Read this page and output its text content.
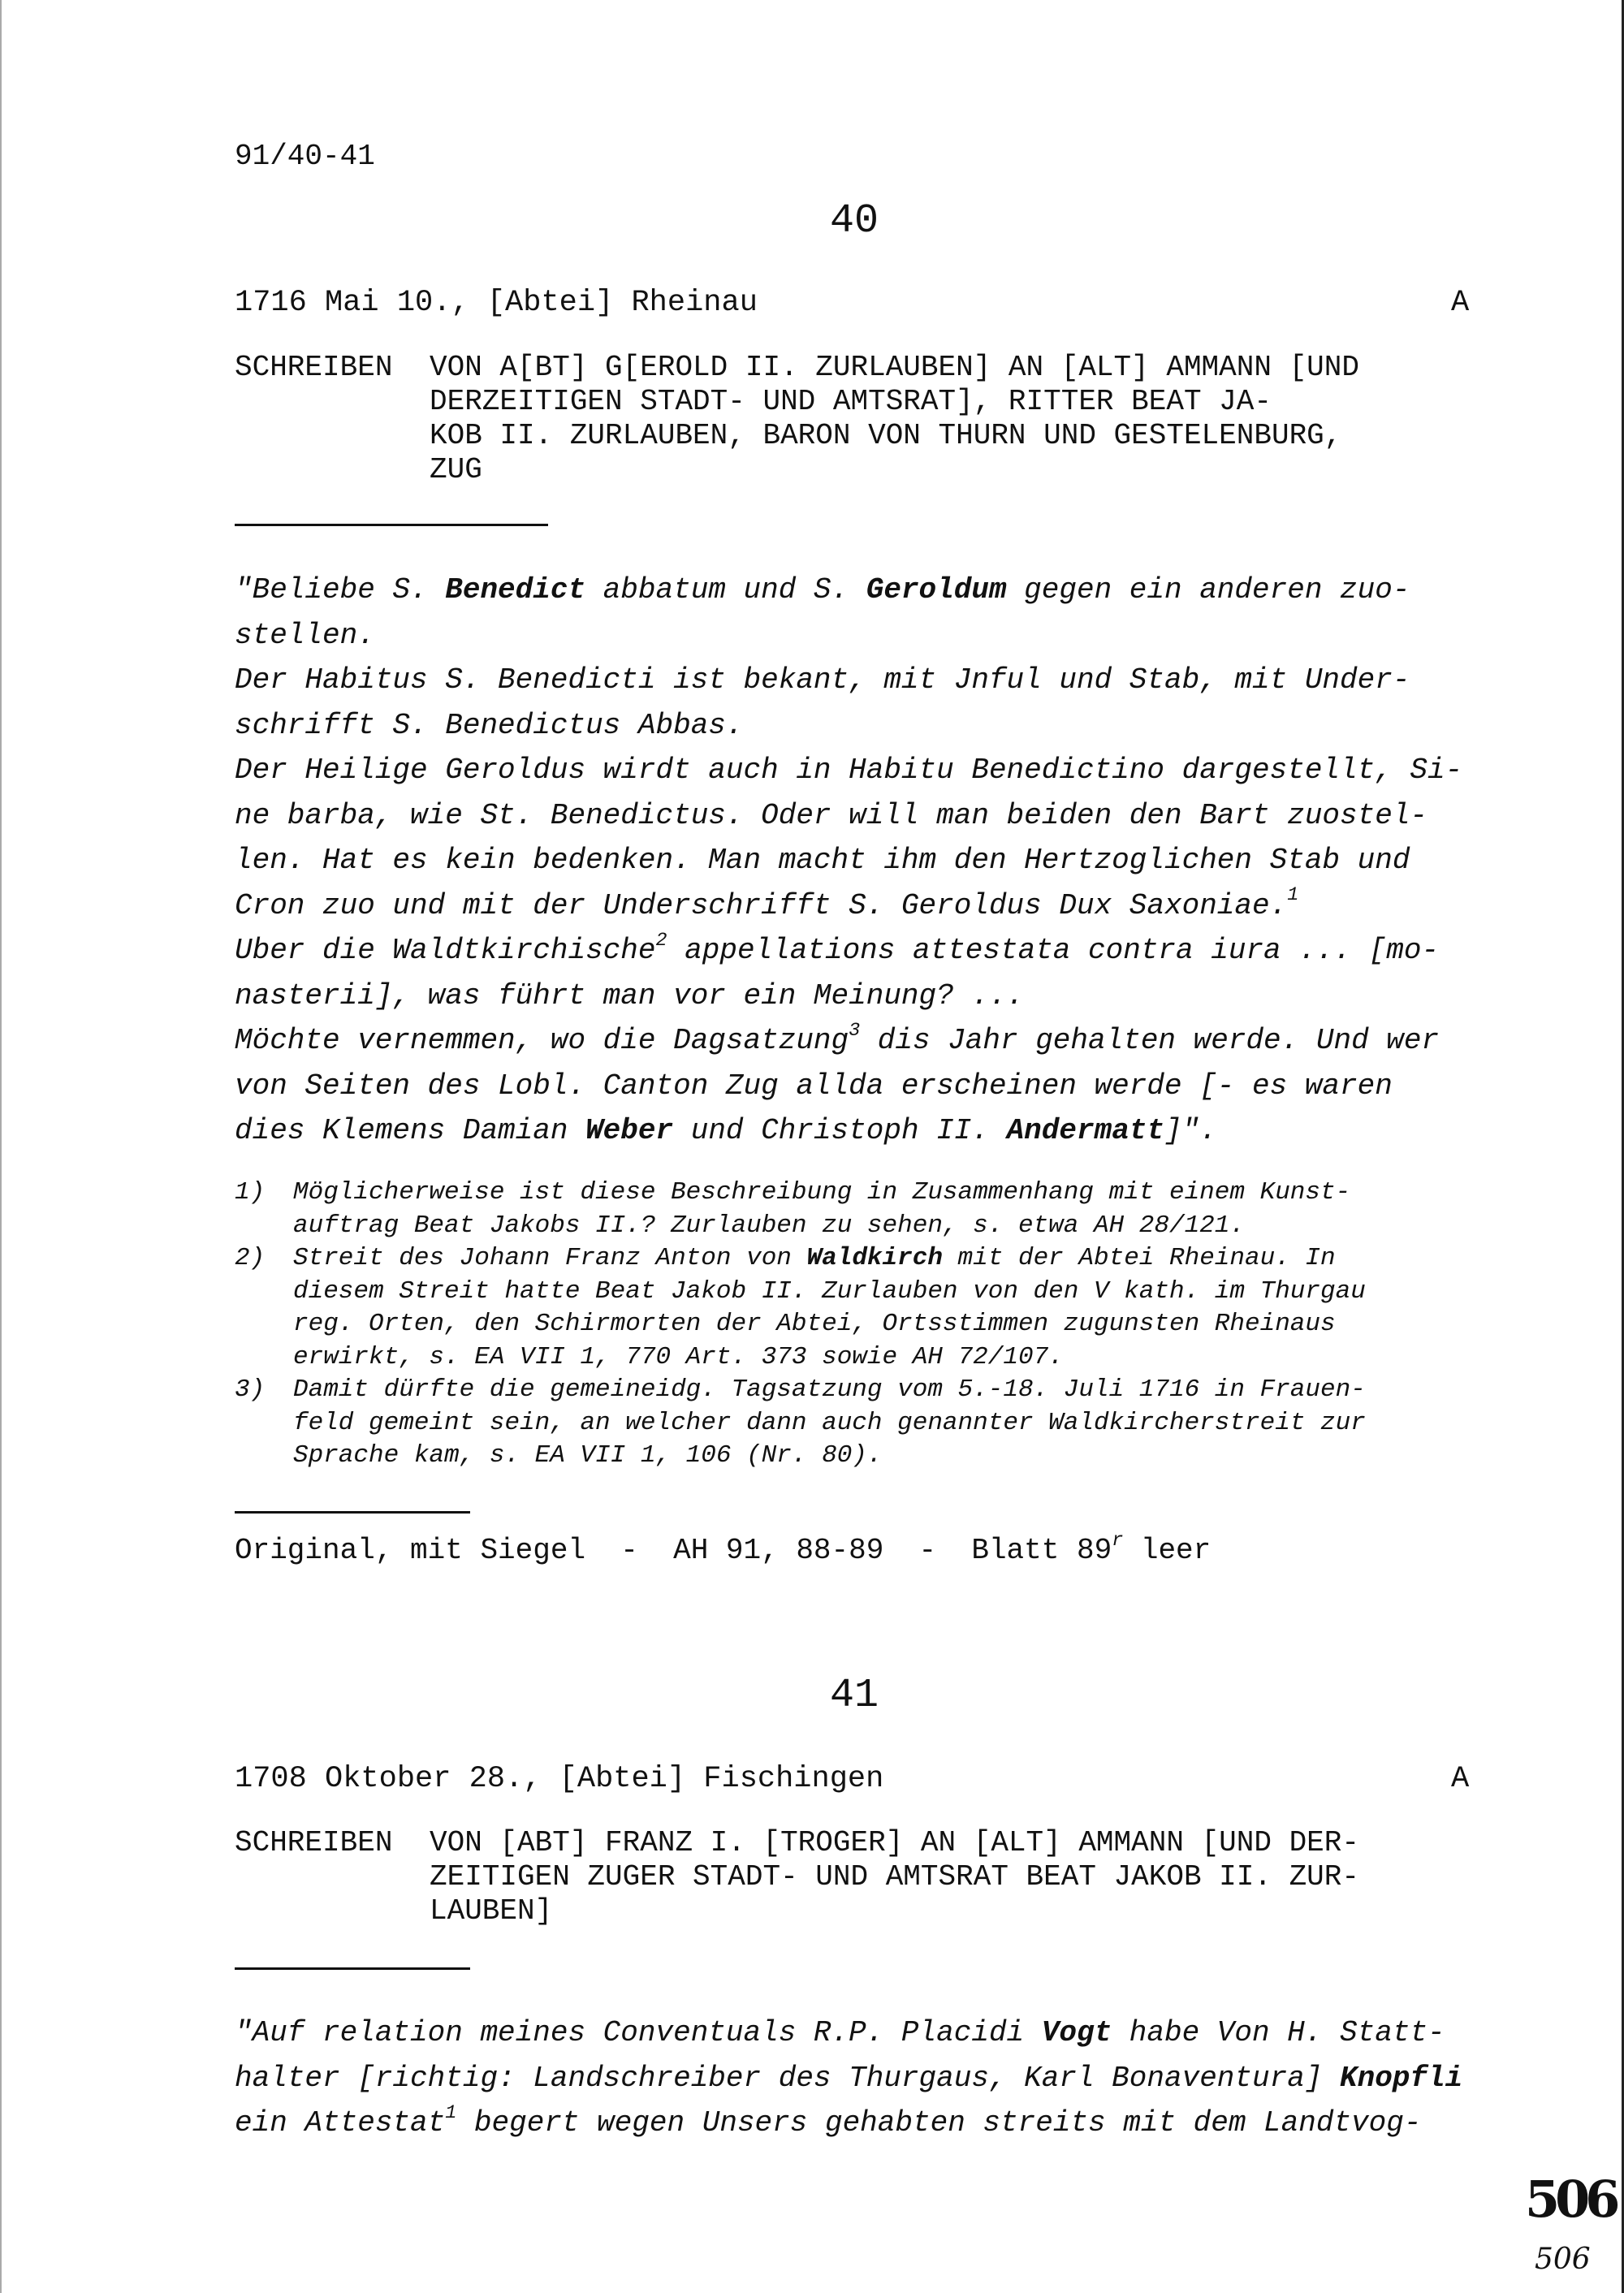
91/40-41
40
1716 Mai 10., [Abtei] Rheinau	A
SCHREIBEN VON A[BT] G[EROLD II. ZURLAUBEN] AN [ALT] AMMANN [UND
DERZEITIGEN STADT- UND AMTSRAT], RITTER BEAT JA-
KOB II. ZURLAUBEN, BARON VON THURN UND GESTELENBURG,
ZUG
"Beliebe S. Benedict abbatum und S. Geroldum gegen ein anderen zuo-
stellen.
Der Habitus S. Benedicti ist bekant, mit Jnful und Stab, mit Under-
schrifft S. Benedictus Abbas.
Der Heilige Geroldus wirdt auch in Habitu Benedictino dargestellt, Si-
ne barba, wie St. Benedictus. Oder will man beiden den Bart zuostel-
len. Hat es kein bedenken. Man macht ihm den Hertzoglichen Stab und
Cron zuo und mit der Underschrifft S. Geroldus Dux Saxoniae.$^1$
Uber die Waldtkirchische$^2$ appellations attestata contra iura ... [mo-
nasterii], was führt man vor ein Meinung? ...
Möchte vernemmen, wo die Dagsatzung$^3$ dis Jahr gehalten werde. Und wer
von Seiten des Lobl. Canton Zug allda erscheinen werde [- es waren
dies Klemens Damian Weber und Christoph II. Andermatt]".
1) Möglicherweise ist diese Beschreibung in Zusammenhang mit einem Kunst-
auftrag Beat Jakobs II.? Zurlauben zu sehen, s. etwa AH 28/121.
2) Streit des Johann Franz Anton von Waldkirch mit der Abtei Rheinau. In
diesem Streit hatte Beat Jakob II. Zurlauben von den V kath. im Thurgau
reg. Orten, den Schirmorten der Abtei, Ortsstimmen zugunsten Rheinaus
erwirkt, s. EA VII 1, 770 Art. 373 sowie AH 72/107.
3) Damit dürfte die gemeineidg. Tagsatzung vom 5.-18. Juli 1716 in Frauen-
feld gemeint sein, an welcher dann auch genannter Waldkircherstreit zur
Sprache kam, s. EA VII 1, 106 (Nr. 80).
Original, mit Siegel  -  AH 91, 88-89  -  Blatt 89$^r$ leer
41
1708 Oktober 28., [Abtei] Fischingen	A
SCHREIBEN VON [ABT] FRANZ I. [TROGER] AN [ALT] AMMANN [UND DER-
ZEITIGEN ZUGER STADT- UND AMTSRAT BEAT JAKOB II. ZUR-
LAUBEN]
"Auf relation meines Conventuals R.P. Placidi Vogt habe Von H. Statt-
halter [richtig: Landschreiber des Thurgaus, Karl Bonaventura] Knopfli
ein Attestat$^1$ begert wegen Unsers gehabten streits mit dem Landtvog-
506
506
